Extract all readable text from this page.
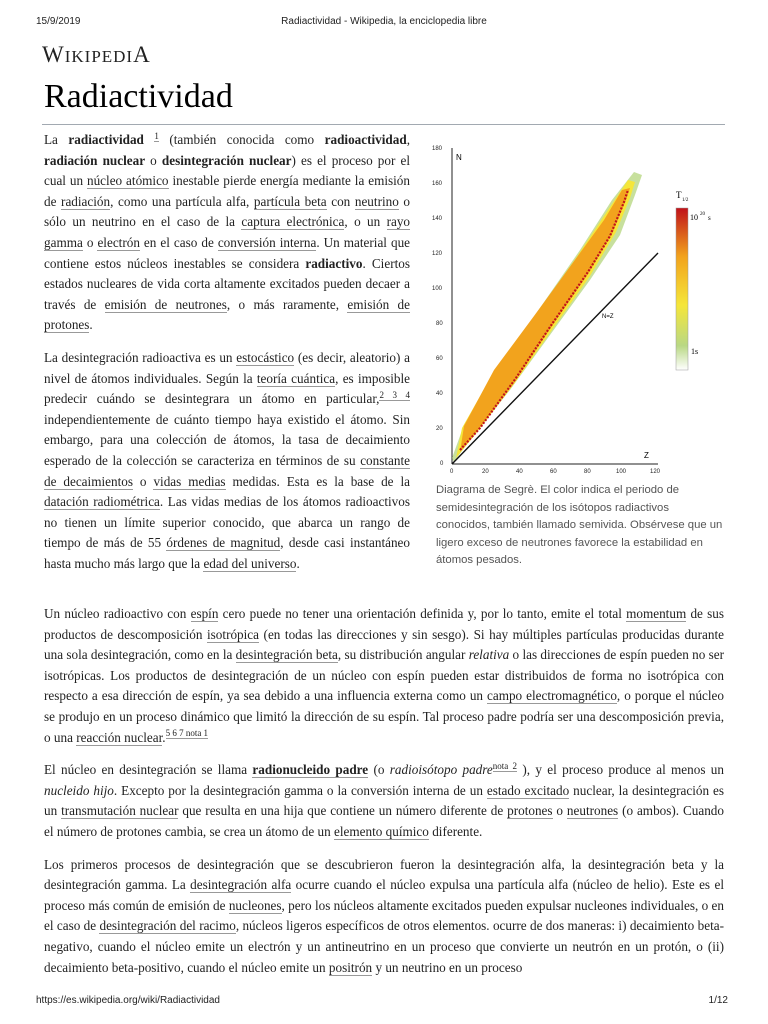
15/9/2019	Radiactividad - Wikipedia, la enciclopedia libre
WIKIPEDIA
Radiactividad

La radiactividad $^1$ (también conocida como radioactividad, radiación nuclear o desintegración nuclear) es el proceso por el cual un núcleo atómico inestable pierde energía mediante la emisión de radiación, como una partícula alfa, partícula beta con neutrino o sólo un neutrino en el caso de la captura electrónica, o un rayo gamma o electrón en el caso de conversión interna. Un material que contiene estos núcleos inestables se considera radiactivo. Ciertos estados nucleares de vida corta altamente excitados pueden decaer a través de emisión de neutrones, o más raramente, emisión de protones.

La desintegración radioactiva es un estocástico (es decir, aleatorio) a nivel de átomos individuales. Según la teoría cuántica, es imposible predecir cuándo se desintegrara un átomo en particular,$^{2 3 4}$ independientemente de cuánto tiempo haya existido el átomo. Sin embargo, para una colección de átomos, la tasa de decaimiento esperado de la colección se caracteriza en términos de su constante de decaimientos o vidas medias medidas. Esta es la base de la datación radiométrica. Las vidas medias de los átomos radioactivos no tienen un límite superior conocido, que abarca un rango de tiempo de más de 55 órdenes de magnitud, desde casi instantáneo hasta mucho más largo que la edad del universo.

N
Z
180
160
140
120
100
80
60
40
20
0
0	20	40	60	80	100	120
N=Z
T
1/2
10 20 s
1s
Diagrama de Segrè. El color indica el periodo de semidesintegración de los isótopos radiactivos conocidos, también llamado semivida. Obsérvese que un ligero exceso de neutrones favorece la estabilidad en átomos pesados.

Un núcleo radioactivo con espín cero puede no tener una orientación definida y, por lo tanto, emite el total momentum de sus productos de descomposición isotrópica (en todas las direcciones y sin sesgo). Si hay múltiples partículas producidas durante una sola desintegración, como en la desintegración beta, su distribución angular relativa o las direcciones de espín pueden no ser isotrópicas. Los productos de desintegración de un núcleo con espín pueden estar distribuidos de forma no isotrópica con respecto a esa dirección de espín, ya sea debido a una influencia externa como un campo electromagnético, o porque el núcleo se produjo en un proceso dinámico que limitó la dirección de su espín. Tal proceso padre podría ser una descomposición previa, o una reacción nuclear.$^{5 6 7 nota 1}$

El núcleo en desintegración se llama radionucleido padre (o radioisótopo padre$^{nota 2}$ ), y el proceso produce al menos un nucleido hijo. Excepto por la desintegración gamma o la conversión interna de un estado excitado nuclear, la desintegración es un transmutación nuclear que resulta en una hija que contiene un número diferente de protones o neutrones (o ambos). Cuando el número de protones cambia, se crea un átomo de un elemento químico diferente.

Los primeros procesos de desintegración que se descubrieron fueron la desintegración alfa, la desintegración beta y la desintegración gamma. La desintegración alfa ocurre cuando el núcleo expulsa una partícula alfa (núcleo de helio). Este es el proceso más común de emisión de nucleones, pero los núcleos altamente excitados pueden expulsar nucleones individuales, o en el caso de desintegración del racimo, núcleos ligeros específicos de otros elementos. ocurre de dos maneras: i) decaimiento beta-negativo, cuando el núcleo emite un electrón y un antineutrino en un proceso que convierte un neutrón en un protón, o (ii) decaimiento beta-positivo, cuando el núcleo emite un positrón y un neutrino en un proceso

https://es.wikipedia.org/wiki/Radiactividad	1/12
